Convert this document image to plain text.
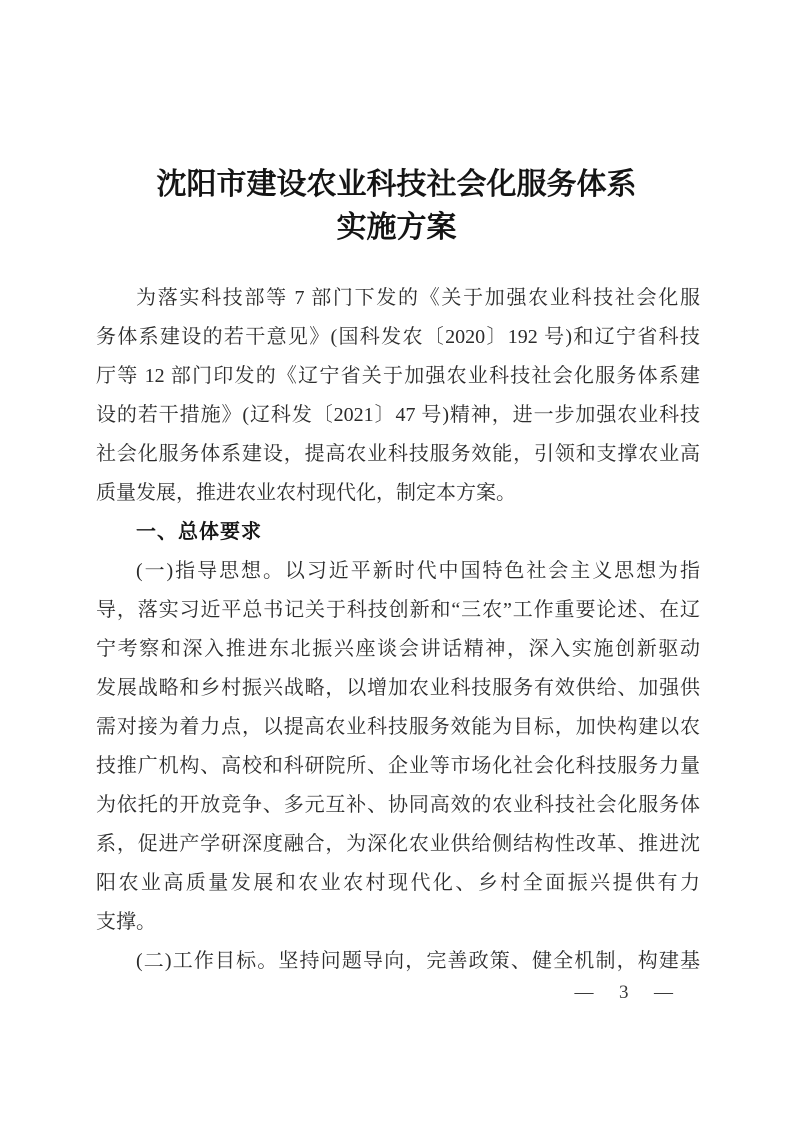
沈阳市建设农业科技社会化服务体系
实施方案
为落实科技部等 7 部门下发的《关于加强农业科技社会化服
务体系建设的若干意见》(国科发农〔2020〕192 号)和辽宁省科技
厅等 12 部门印发的《辽宁省关于加强农业科技社会化服务体系建
设的若干措施》(辽科发〔2021〕47 号)精神，进一步加强农业科技
社会化服务体系建设，提高农业科技服务效能，引领和支撑农业高
质量发展，推进农业农村现代化，制定本方案。
一、总体要求
(一)指导思想。以习近平新时代中国特色社会主义思想为指
导，落实习近平总书记关于科技创新和“三农”工作重要论述、在辽
宁考察和深入推进东北振兴座谈会讲话精神，深入实施创新驱动
发展战略和乡村振兴战略，以增加农业科技服务有效供给、加强供
需对接为着力点，以提高农业科技服务效能为目标，加快构建以农
技推广机构、高校和科研院所、企业等市场化社会化科技服务力量
为依托的开放竞争、多元互补、协同高效的农业科技社会化服务体
系，促进产学研深度融合，为深化农业供给侧结构性改革、推进沈
阳农业高质量发展和农业农村现代化、乡村全面振兴提供有力
支撑。
(二)工作目标。坚持问题导向，完善政策、健全机制，构建基
—  3  —
